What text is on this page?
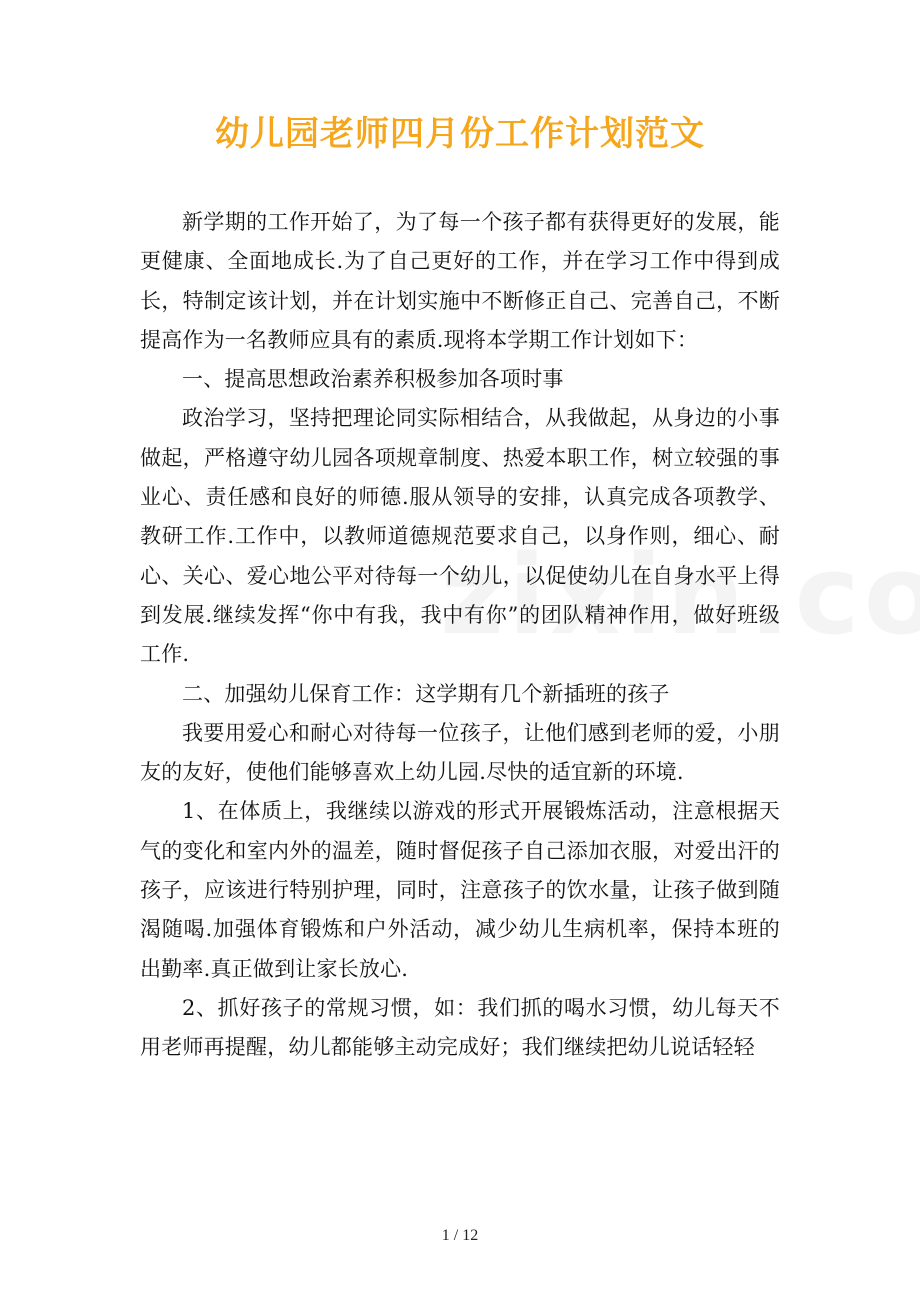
幼儿园老师四月份工作计划范文

新学期的工作开始了，为了每一个孩子都有获得更好的发展，能更健康、全面地成长.为了自己更好的工作，并在学习工作中得到成长，特制定该计划，并在计划实施中不断修正自己、完善自己，不断提高作为一名教师应具有的素质.现将本学期工作计划如下：

一、提高思想政治素养积极参加各项时事

政治学习，坚持把理论同实际相结合，从我做起，从身边的小事做起，严格遵守幼儿园各项规章制度、热爱本职工作，树立较强的事业心、责任感和良好的师德.服从领导的安排，认真完成各项教学、教研工作.工作中，以教师道德规范要求自己，以身作则，细心、耐心、关心、爱心地公平对待每一个幼儿，以促使幼儿在自身水平上得到发展.继续发挥“你中有我，我中有你”的团队精神作用，做好班级工作.

二、加强幼儿保育工作：这学期有几个新插班的孩子

我要用爱心和耐心对待每一位孩子，让他们感到老师的爱，小朋友的友好，使他们能够喜欢上幼儿园.尽快的适宜新的环境.

1、在体质上，我继续以游戏的形式开展锻炼活动，注意根据天气的变化和室内外的温差，随时督促孩子自己添加衣服，对爱出汗的孩子，应该进行特别护理，同时，注意孩子的饮水量，让孩子做到随渴随喝.加强体育锻炼和户外活动，减少幼儿生病机率，保持本班的出勤率.真正做到让家长放心.

2、抓好孩子的常规习惯，如：我们抓的喝水习惯，幼儿每天不用老师再提醒，幼儿都能够主动完成好；我们继续把幼儿说话轻轻

1 / 12
